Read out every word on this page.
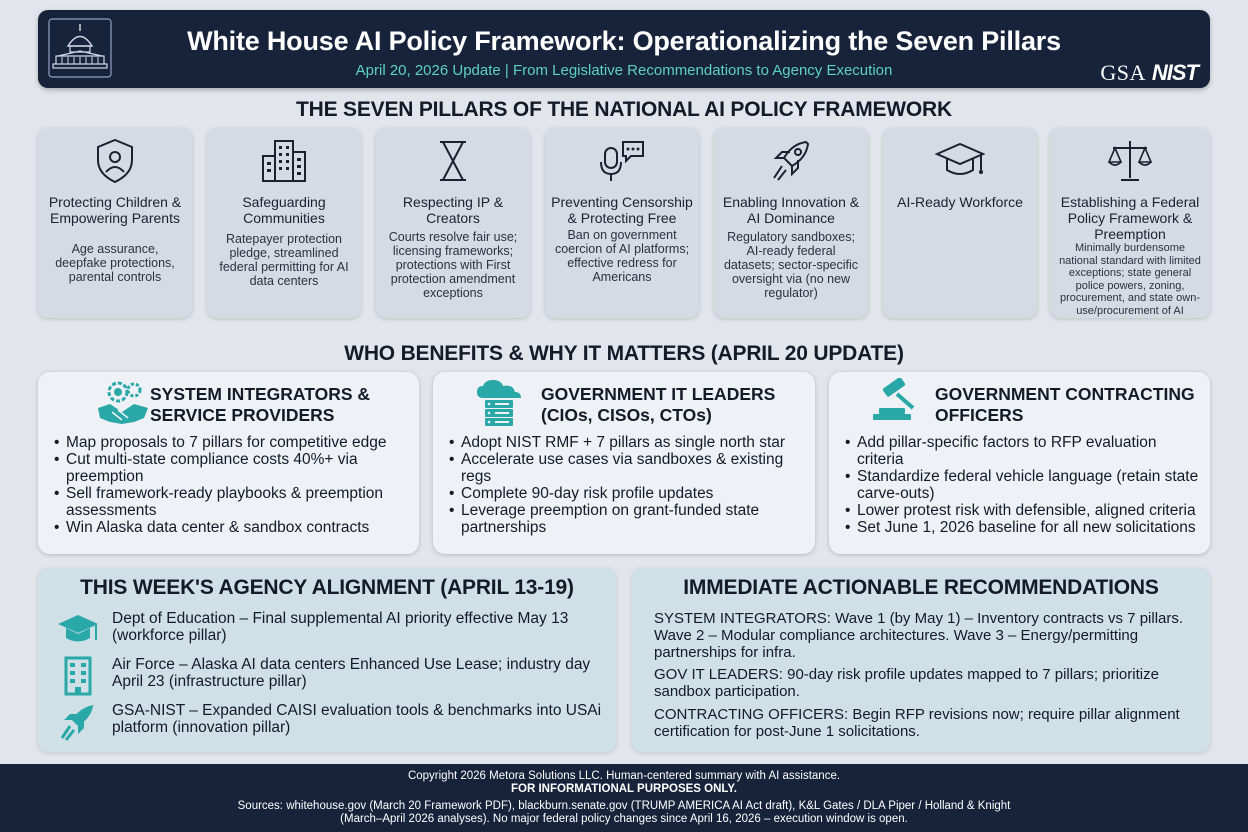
White House AI Policy Framework: Operationalizing the Seven Pillars
April 20, 2026 Update | From Legislative Recommendations to Agency Execution	GSA NIST
THE SEVEN PILLARS OF THE NATIONAL AI POLICY FRAMEWORK
Protecting Children & Empowering Parents
Age assurance, deepfake protections, parental controls
Safeguarding Communities
Ratepayer protection pledge, streamlined federal permitting for AI data centers
Respecting IP & Creators
Courts resolve fair use; licensing frameworks; protections with First protection amendment exceptions
Preventing Censorship & Protecting Free
Ban on government coercion of AI platforms; effective redress for Americans
Enabling Innovation & AI Dominance
Regulatory sandboxes; AI-ready federal datasets; sector-specific oversight via (no new regulator)
AI-Ready Workforce	Establishing a Federal Policy Framework & Preemption
Minimally burdensome national standard with limited exceptions; state general police powers, zoning, procurement, and state own-use/procurement of AI
WHO BENEFITS & WHY IT MATTERS (APRIL 20 UPDATE)
SYSTEM INTEGRATORS & SERVICE PROVIDERS
• Map proposals to 7 pillars for competitive edge
• Cut multi-state compliance costs 40%+ via preemption
• Sell framework-ready playbooks & preemption assessments
• Win Alaska data center & sandbox contracts
GOVERNMENT IT LEADERS (CIOs, CISOs, CTOs)
• Adopt NIST RMF + 7 pillars as single north star
• Accelerate use cases via sandboxes & existing regs
• Complete 90-day risk profile updates
• Leverage preemption on grant-funded state partnerships
GOVERNMENT CONTRACTING OFFICERS
• Add pillar-specific factors to RFP evaluation criteria
• Standardize federal vehicle language (retain state carve-outs)
• Lower protest risk with defensible, aligned criteria
• Set June 1, 2026 baseline for all new solicitations
THIS WEEK'S AGENCY ALIGNMENT (APRIL 13-19)
Dept of Education – Final supplemental AI priority effective May 13 (workforce pillar)
Air Force – Alaska AI data centers Enhanced Use Lease; industry day April 23 (infrastructure pillar)
GSA-NIST – Expanded CAISI evaluation tools & benchmarks into USAi platform (innovation pillar)
IMMEDIATE ACTIONABLE RECOMMENDATIONS
SYSTEM INTEGRATORS: Wave 1 (by May 1) – Inventory contracts vs 7 pillars. Wave 2 – Modular compliance architectures. Wave 3 – Energy/permitting partnerships for infra.
GOV IT LEADERS: 90-day risk profile updates mapped to 7 pillars; prioritize sandbox participation.
CONTRACTING OFFICERS: Begin RFP revisions now; require pillar alignment certification for post-June 1 solicitations.
Copyright 2026 Metora Solutions LLC. Human-centered summary with AI assistance.
FOR INFORMATIONAL PURPOSES ONLY.
Sources: whitehouse.gov (March 20 Framework PDF), blackburn.senate.gov (TRUMP AMERICA AI Act draft), K&L Gates / DLA Piper / Holland & Knight
(March–April 2026 analyses). No major federal policy changes since April 16, 2026 – execution window is open.
